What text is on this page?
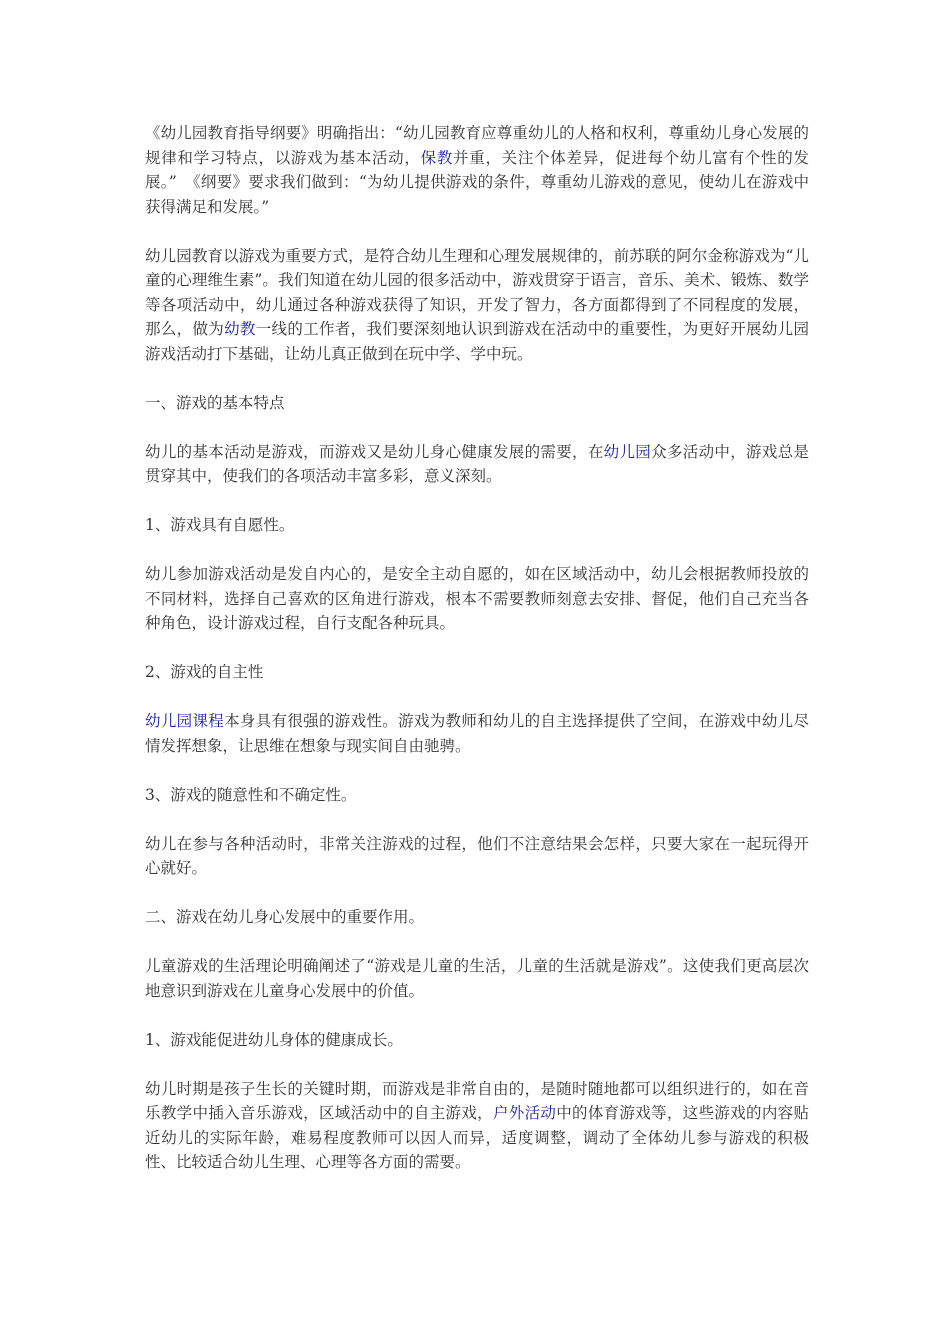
《幼儿园教育指导纲要》明确指出：“幼儿园教育应尊重幼儿的人格和权利，尊重幼儿身心发展的规律和学习特点，以游戏为基本活动，保教并重，关注个体差异，促进每个幼儿富有个性的发展。”　《纲要》要求我们做到：“为幼儿提供游戏的条件，尊重幼儿游戏的意见，使幼儿在游戏中获得满足和发展。”

幼儿园教育以游戏为重要方式，是符合幼儿生理和心理发展规律的，前苏联的阿尔金称游戏为“儿童的心理维生素”。我们知道在幼儿园的很多活动中，游戏贯穿于语言，音乐、美术、锻炼、数学等各项活动中，幼儿通过各种游戏获得了知识，开发了智力，各方面都得到了不同程度的发展，那么，做为幼教一线的工作者，我们要深刻地认识到游戏在活动中的重要性，为更好开展幼儿园游戏活动打下基础，让幼儿真正做到在玩中学、学中玩。

一、游戏的基本特点

幼儿的基本活动是游戏，而游戏又是幼儿身心健康发展的需要，在幼儿园众多活动中，游戏总是贯穿其中，使我们的各项活动丰富多彩，意义深刻。

1、游戏具有自愿性。

幼儿参加游戏活动是发自内心的，是安全主动自愿的，如在区域活动中，幼儿会根据教师投放的不同材料，选择自己喜欢的区角进行游戏，根本不需要教师刻意去安排、督促，他们自己充当各种角色，设计游戏过程，自行支配各种玩具。

2、游戏的自主性

幼儿园课程本身具有很强的游戏性。游戏为教师和幼儿的自主选择提供了空间，在游戏中幼儿尽情发挥想象，让思维在想象与现实间自由驰骋。

3、游戏的随意性和不确定性。

幼儿在参与各种活动时，非常关注游戏的过程，他们不注意结果会怎样，只要大家在一起玩得开心就好。

二、游戏在幼儿身心发展中的重要作用。

儿童游戏的生活理论明确阐述了“游戏是儿童的生活，儿童的生活就是游戏”。这使我们更高层次地意识到游戏在儿童身心发展中的价值。

1、游戏能促进幼儿身体的健康成长。

幼儿时期是孩子生长的关键时期，而游戏是非常自由的，是随时随地都可以组织进行的，如在音乐教学中插入音乐游戏，区域活动中的自主游戏，户外活动中的体育游戏等，这些游戏的内容贴近幼儿的实际年龄，难易程度教师可以因人而异，适度调整，调动了全体幼儿参与游戏的积极性、比较适合幼儿生理、心理等各方面的需要。
